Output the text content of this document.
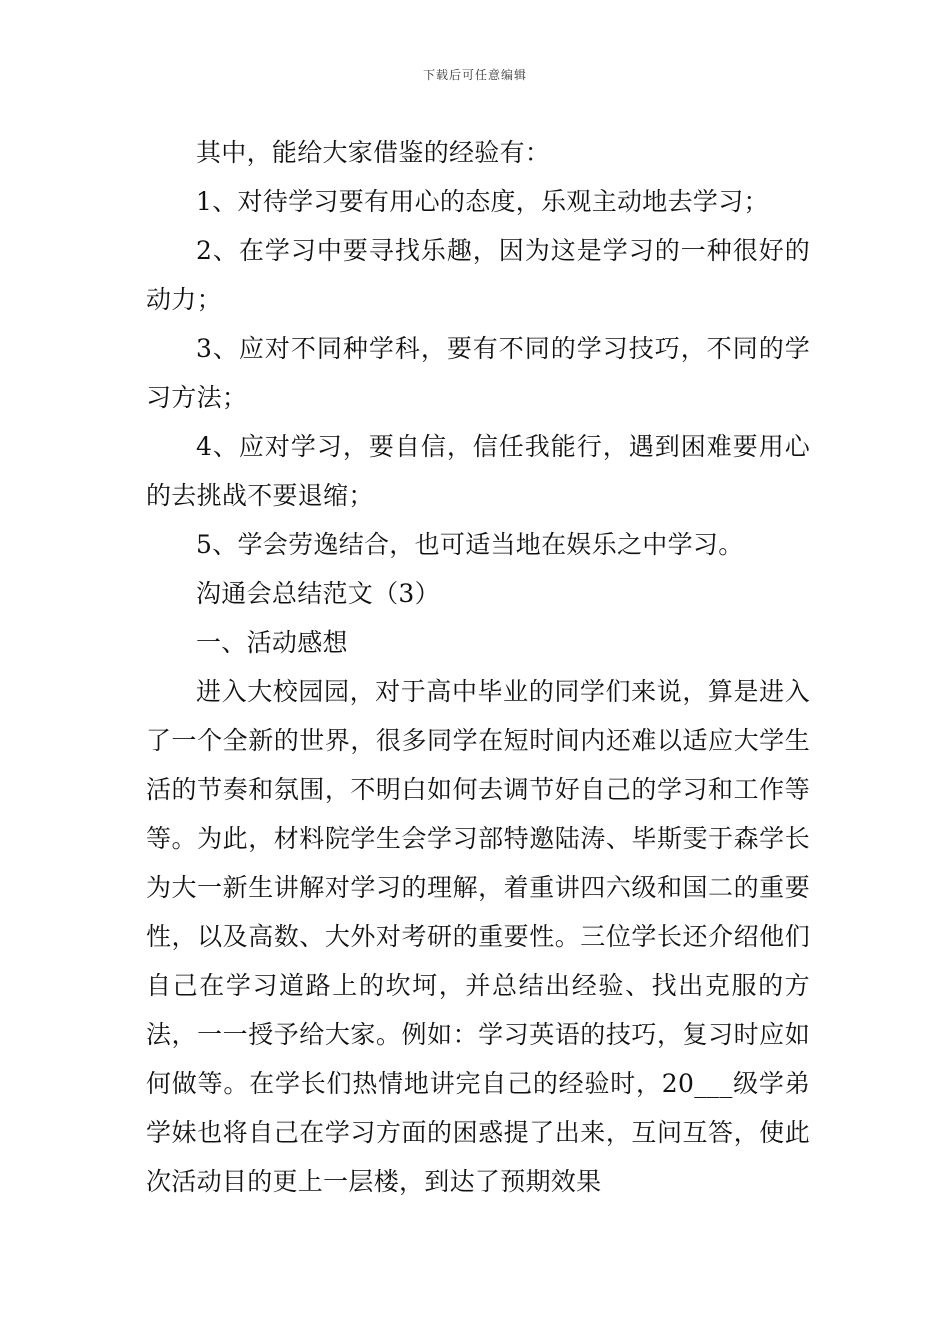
下载后可任意编辑

其中，能给大家借鉴的经验有：

1、对待学习要有用心的态度，乐观主动地去学习；

2、在学习中要寻找乐趣，因为这是学习的一种很好的动力；

3、应对不同种学科，要有不同的学习技巧，不同的学习方法；

4、应对学习，要自信，信任我能行，遇到困难要用心的去挑战不要退缩；

5、学会劳逸结合，也可适当地在娱乐之中学习。

沟通会总结范文（3）

一、活动感想

进入大校园园，对于高中毕业的同学们来说，算是进入了一个全新的世界，很多同学在短时间内还难以适应大学生活的节奏和氛围，不明白如何去调节好自己的学习和工作等等。为此，材料院学生会学习部特邀陆涛、毕斯雯于森学长为大一新生讲解对学习的理解，着重讲四六级和国二的重要性，以及高数、大外对考研的重要性。三位学长还介绍他们自己在学习道路上的坎坷，并总结出经验、找出克服的方法，一一授予给大家。例如：学习英语的技巧，复习时应如何做等。在学长们热情地讲完自己的经验时，20___级学弟学妹也将自己在学习方面的困惑提了出来，互问互答，使此次活动目的更上一层楼，到达了预期效果
